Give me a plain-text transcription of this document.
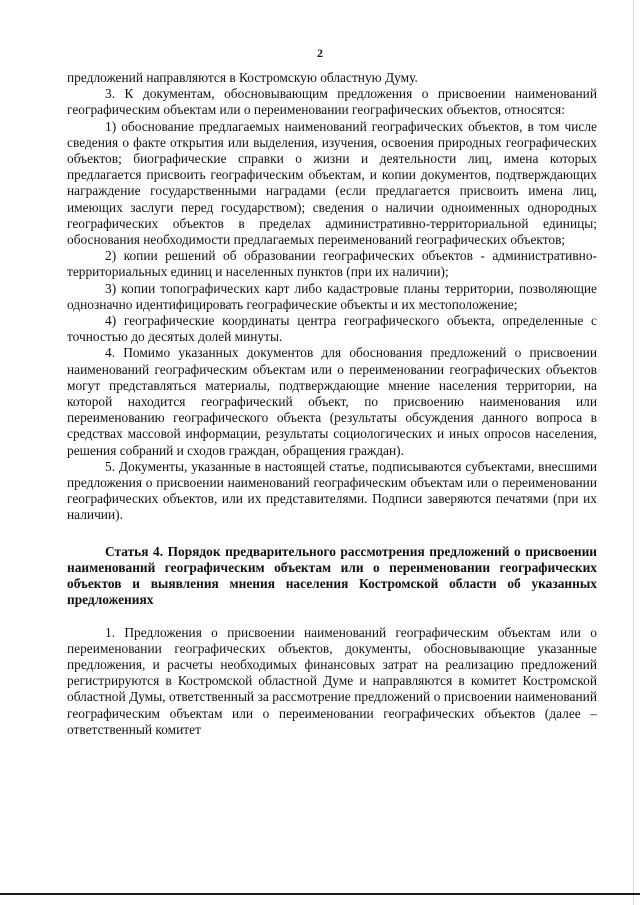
2

предложений направляются в Костромскую областную Думу.

3. К документам, обосновывающим предложения о присвоении наименований географическим объектам или о переименовании географических объектов, относятся:

1) обоснование предлагаемых наименований географических объектов, в том числе сведения о факте открытия или выделения, изучения, освоения природных географических объектов; биографические справки о жизни и деятельности лиц, имена которых предлагается присвоить географическим объектам, и копии документов, подтверждающих награждение государственными наградами (если предлагается присвоить имена лиц, имеющих заслуги перед государством); сведения о наличии одноименных однородных географических объектов в пределах административно-территориальной единицы; обоснования необходимости предлагаемых переименований географических объектов;

2) копии решений об образовании географических объектов - административно-территориальных единиц и населенных пунктов (при их наличии);

3) копии топографических карт либо кадастровые планы территории, позволяющие однозначно идентифицировать географические объекты и их местоположение;

4) географические координаты центра географического объекта, определенные с точностью до десятых долей минуты.

4. Помимо указанных документов для обоснования предложений о присвоении наименований географическим объектам или о переименовании географических объектов могут представляться материалы, подтверждающие мнение населения территории, на которой находится географический объект, по присвоению наименования или переименованию географического объекта (результаты обсуждения данного вопроса в средствах массовой информации, результаты социологических и иных опросов населения, решения собраний и сходов граждан, обращения граждан).

5. Документы, указанные в настоящей статье, подписываются субъектами, внесшими предложения о присвоении наименований географическим объектам или о переименовании географических объектов, или их представителями. Подписи заверяются печатями (при их наличии).

Статья 4. Порядок предварительного рассмотрения предложений о присвоении наименований географическим объектам или о переименовании географических объектов и выявления мнения населения Костромской области об указанных предложениях

1. Предложения о присвоении наименований географическим объектам или о переименовании географических объектов, документы, обосновывающие указанные предложения, и расчеты необходимых финансовых затрат на реализацию предложений регистрируются в Костромской областной Думе и направляются в комитет Костромской областной Думы, ответственный за рассмотрение предложений о присвоении наименований географическим объектам или о переименовании географических объектов (далее – ответственный комитет
